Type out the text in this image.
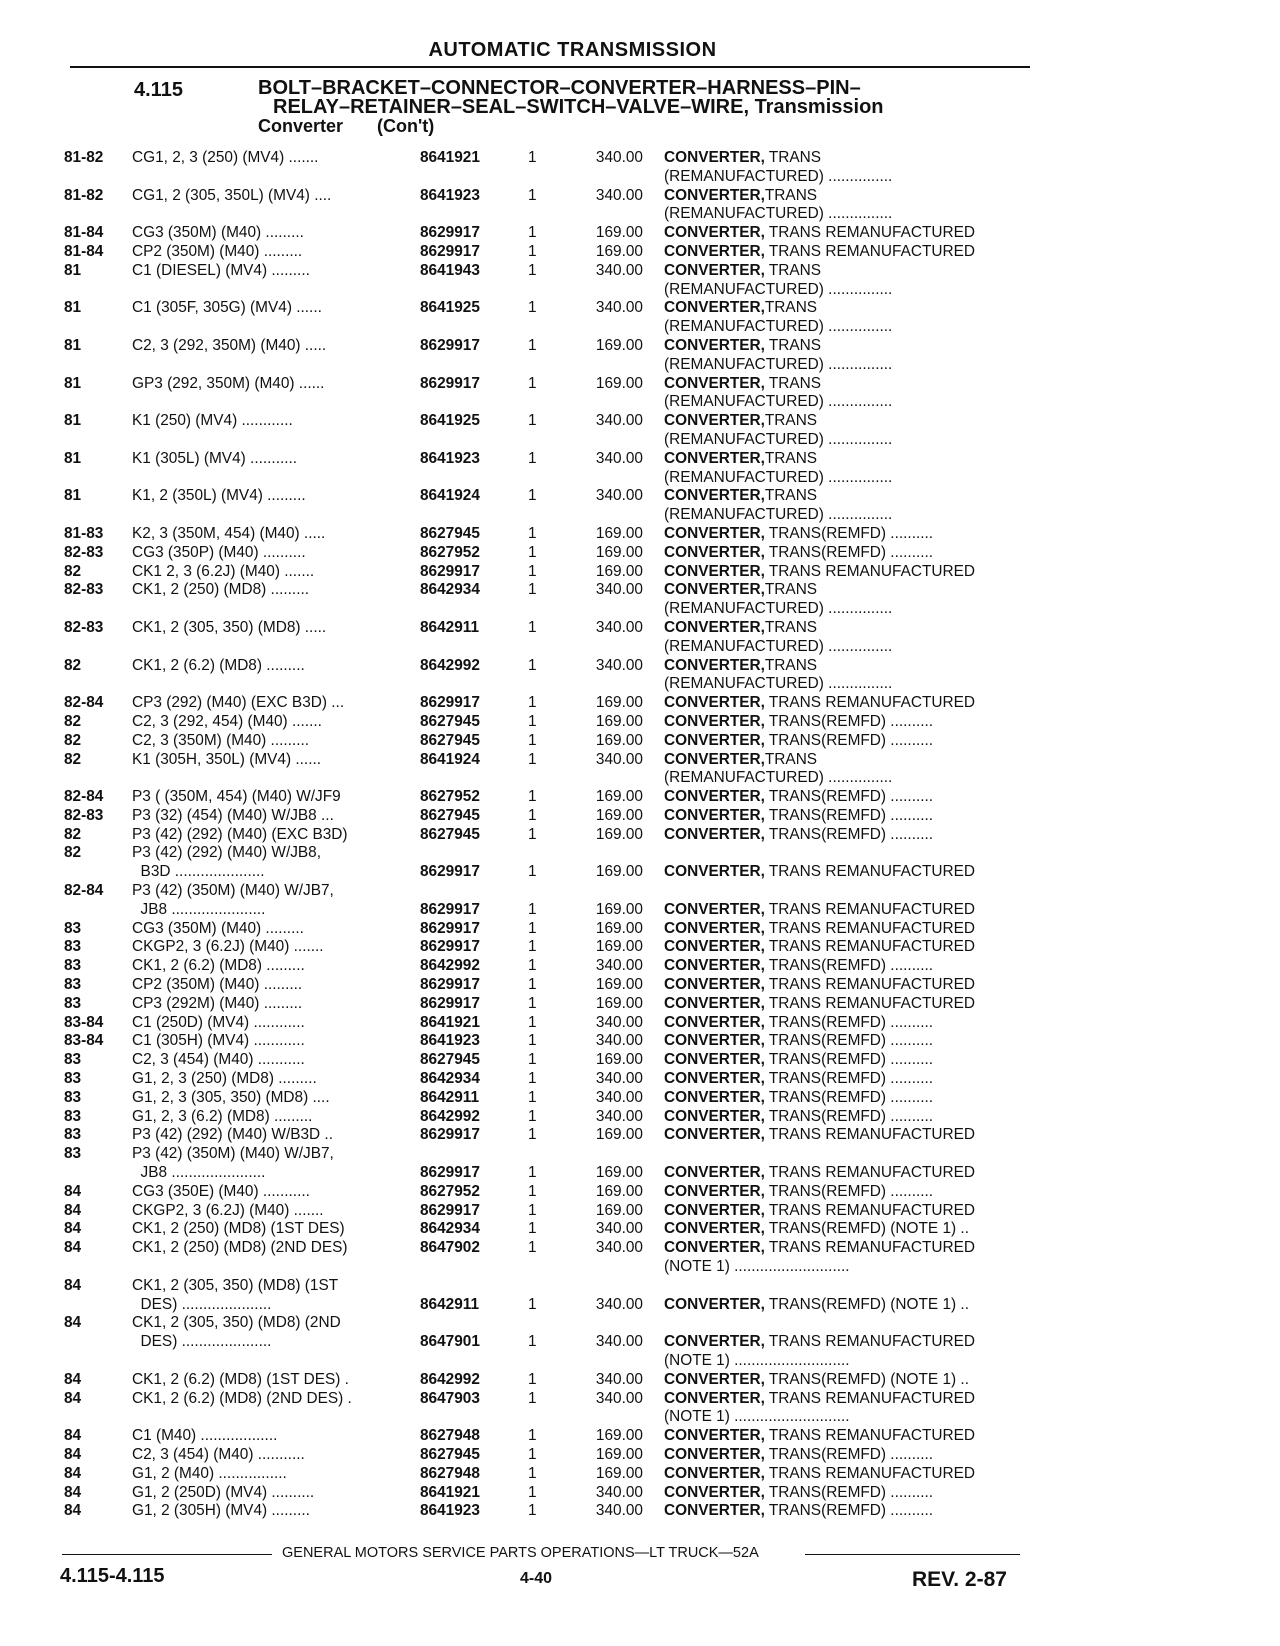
AUTOMATIC TRANSMISSION
4.115	BOLT–BRACKET–CONNECTOR–CONVERTER–HARNESS–PIN–
RELAY–RETAINER–SEAL–SWITCH–VALVE–WIRE, Transmission
Converter (Con't)
81-82 CG1, 2, 3 (250) (MV4) .......	8641921	1	340.00 CONVERTER, TRANS
(REMANUFACTURED) ...............
81-82 CG1, 2 (305, 350L) (MV4) ....	8641923	1	340.00 CONVERTER,TRANS
(REMANUFACTURED) ...............
81-84 CG3 (350M) (M40) .........	8629917	1	169.00 CONVERTER, TRANS REMANUFACTURED
81-84 CP2 (350M) (M40) .........	8629917	1	169.00 CONVERTER, TRANS REMANUFACTURED
81	C1 (DIESEL) (MV4) .........	8641943	1	340.00 CONVERTER, TRANS
(REMANUFACTURED) ...............
81	C1 (305F, 305G) (MV4) ......	8641925	1	340.00 CONVERTER,TRANS
(REMANUFACTURED) ...............
81	C2, 3 (292, 350M) (M40) .....	8629917	1	169.00 CONVERTER, TRANS
(REMANUFACTURED) ...............
81	GP3 (292, 350M) (M40) ......	8629917	1	169.00 CONVERTER, TRANS
(REMANUFACTURED) ...............
81	K1 (250) (MV4) ............	8641925	1	340.00 CONVERTER,TRANS
(REMANUFACTURED) ...............
81	K1 (305L) (MV4) ...........	8641923	1	340.00 CONVERTER,TRANS
(REMANUFACTURED) ...............
81	K1, 2 (350L) (MV4) .........	8641924	1	340.00 CONVERTER,TRANS
(REMANUFACTURED) ...............
81-83 K2, 3 (350M, 454) (M40) .....	8627945	1	169.00 CONVERTER, TRANS(REMFD) ..........
82-83 CG3 (350P) (M40) ..........	8627952	1	169.00 CONVERTER, TRANS(REMFD) ..........
82	CK1 2, 3 (6.2J) (M40) .......	8629917	1	169.00 CONVERTER, TRANS REMANUFACTURED
82-83 CK1, 2 (250) (MD8) .........	8642934	1	340.00 CONVERTER,TRANS
(REMANUFACTURED) ...............
82-83 CK1, 2 (305, 350) (MD8) .....	8642911	1	340.00 CONVERTER,TRANS
(REMANUFACTURED) ...............
82	CK1, 2 (6.2) (MD8) .........	8642992	1	340.00 CONVERTER,TRANS
(REMANUFACTURED) ...............
82-84 CP3 (292) (M40) (EXC B3D) ...	8629917	1	169.00 CONVERTER, TRANS REMANUFACTURED
82	C2, 3 (292, 454) (M40) .......	8627945	1	169.00 CONVERTER, TRANS(REMFD) ..........
82	C2, 3 (350M) (M40) .........	8627945	1	169.00 CONVERTER, TRANS(REMFD) ..........
82	K1 (305H, 350L) (MV4) ......	8641924	1	340.00 CONVERTER,TRANS
(REMANUFACTURED) ...............
82-84 P3 ( (350M, 454) (M40) W/JF9	8627952	1	169.00 CONVERTER, TRANS(REMFD) ..........
82-83 P3 (32) (454) (M40) W/JB8 ...	8627945	1	169.00 CONVERTER, TRANS(REMFD) ..........
82	P3 (42) (292) (M40) (EXC B3D)	8627945	1	169.00 CONVERTER, TRANS(REMFD) ..........
82	P3 (42) (292) (M40) W/JB8,
B3D .....................	8629917	1	169.00 CONVERTER, TRANS REMANUFACTURED
82-84 P3 (42) (350M) (M40) W/JB7,
JB8 ......................	8629917	1	169.00 CONVERTER, TRANS REMANUFACTURED
83	CG3 (350M) (M40) .........	8629917	1	169.00 CONVERTER, TRANS REMANUFACTURED
83	CKGP2, 3 (6.2J) (M40) .......	8629917	1	169.00 CONVERTER, TRANS REMANUFACTURED
83	CK1, 2 (6.2) (MD8) .........	8642992	1	340.00 CONVERTER, TRANS(REMFD) ..........
83	CP2 (350M) (M40) .........	8629917	1	169.00 CONVERTER, TRANS REMANUFACTURED
83	CP3 (292M) (M40) .........	8629917	1	169.00 CONVERTER, TRANS REMANUFACTURED
83-84 C1 (250D) (MV4) ............	8641921	1	340.00 CONVERTER, TRANS(REMFD) ..........
83-84 C1 (305H) (MV4) ............	8641923	1	340.00 CONVERTER, TRANS(REMFD) ..........
83	C2, 3 (454) (M40) ...........	8627945	1	169.00 CONVERTER, TRANS(REMFD) ..........
83	G1, 2, 3 (250) (MD8) .........	8642934	1	340.00 CONVERTER, TRANS(REMFD) ..........
83	G1, 2, 3 (305, 350) (MD8) ....	8642911	1	340.00 CONVERTER, TRANS(REMFD) ..........
83	G1, 2, 3 (6.2) (MD8) .........	8642992	1	340.00 CONVERTER, TRANS(REMFD) ..........
83	P3 (42) (292) (M40) W/B3D ..	8629917	1	169.00 CONVERTER, TRANS REMANUFACTURED
83	P3 (42) (350M) (M40) W/JB7,
JB8 ......................	8629917	1	169.00 CONVERTER, TRANS REMANUFACTURED
84	CG3 (350E) (M40) ...........	8627952	1	169.00 CONVERTER, TRANS(REMFD) ..........
84	CKGP2, 3 (6.2J) (M40) .......	8629917	1	169.00 CONVERTER, TRANS REMANUFACTURED
84	CK1, 2 (250) (MD8) (1ST DES)	8642934	1	340.00 CONVERTER, TRANS(REMFD) (NOTE 1) ..
84	CK1, 2 (250) (MD8) (2ND DES)	8647902	1	340.00 CONVERTER, TRANS REMANUFACTURED
(NOTE 1) ...........................
84	CK1, 2 (305, 350) (MD8) (1ST
DES) .....................	8642911	1	340.00 CONVERTER, TRANS(REMFD) (NOTE 1) ..
84	CK1, 2 (305, 350) (MD8) (2ND
DES) .....................	8647901	1	340.00 CONVERTER, TRANS REMANUFACTURED
(NOTE 1) ...........................
84	CK1, 2 (6.2) (MD8) (1ST DES) .	8642992	1	340.00 CONVERTER, TRANS(REMFD) (NOTE 1) ..
84	CK1, 2 (6.2) (MD8) (2ND DES) .	8647903	1	340.00 CONVERTER, TRANS REMANUFACTURED
(NOTE 1) ...........................
84	C1 (M40) ..................	8627948	1	169.00 CONVERTER, TRANS REMANUFACTURED
84	C2, 3 (454) (M40) ...........	8627945	1	169.00 CONVERTER, TRANS(REMFD) ..........
84	G1, 2 (M40) ................	8627948	1	169.00 CONVERTER, TRANS REMANUFACTURED
84	G1, 2 (250D) (MV4) ..........	8641921	1	340.00 CONVERTER, TRANS(REMFD) ..........
84	G1, 2 (305H) (MV4) .........	8641923	1	340.00 CONVERTER, TRANS(REMFD) ..........
GENERAL MOTORS SERVICE PARTS OPERATIONS—LT TRUCK—52A
4.115-4.115	4-40	REV. 2-87
